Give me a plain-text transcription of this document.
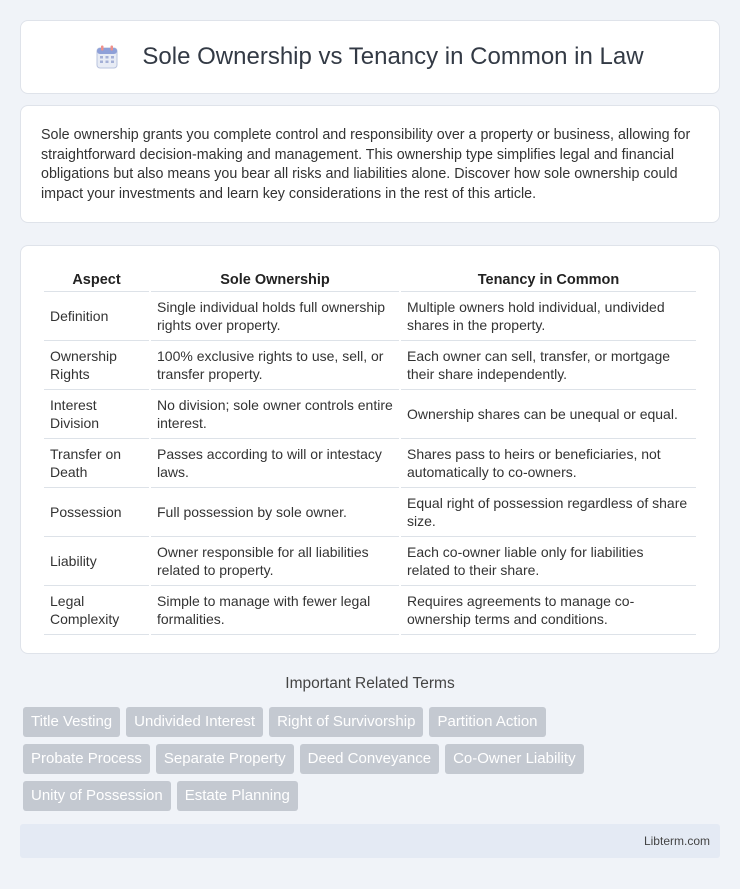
Sole Ownership vs Tenancy in Common in Law

Sole ownership grants you complete control and responsibility over a property or business, allowing for straightforward decision-making and management. This ownership type simplifies legal and financial obligations but also means you bear all risks and liabilities alone. Discover how sole ownership could impact your investments and learn key considerations in the rest of this article.

Aspect	Sole Ownership	Tenancy in Common
Definition	Single individual holds full ownership rights over property.	Multiple owners hold individual, undivided shares in the property.
Ownership Rights	100% exclusive rights to use, sell, or transfer property.	Each owner can sell, transfer, or mortgage their share independently.
Interest Division	No division; sole owner controls entire interest.	Ownership shares can be unequal or equal.
Transfer on Death	Passes according to will or intestacy laws.	Shares pass to heirs or beneficiaries, not automatically to co-owners.
Possession	Full possession by sole owner.	Equal right of possession regardless of share size.
Liability	Owner responsible for all liabilities related to property.	Each co-owner liable only for liabilities related to their share.
Legal Complexity	Simple to manage with fewer legal formalities.	Requires agreements to manage co-ownership terms and conditions.
Important Related Terms
Title Vesting	Undivided Interest	Right of Survivorship	Partition Action
Probate Process	Separate Property	Deed Conveyance	Co-Owner Liability
Unity of Possession	Estate Planning
Libterm.com
